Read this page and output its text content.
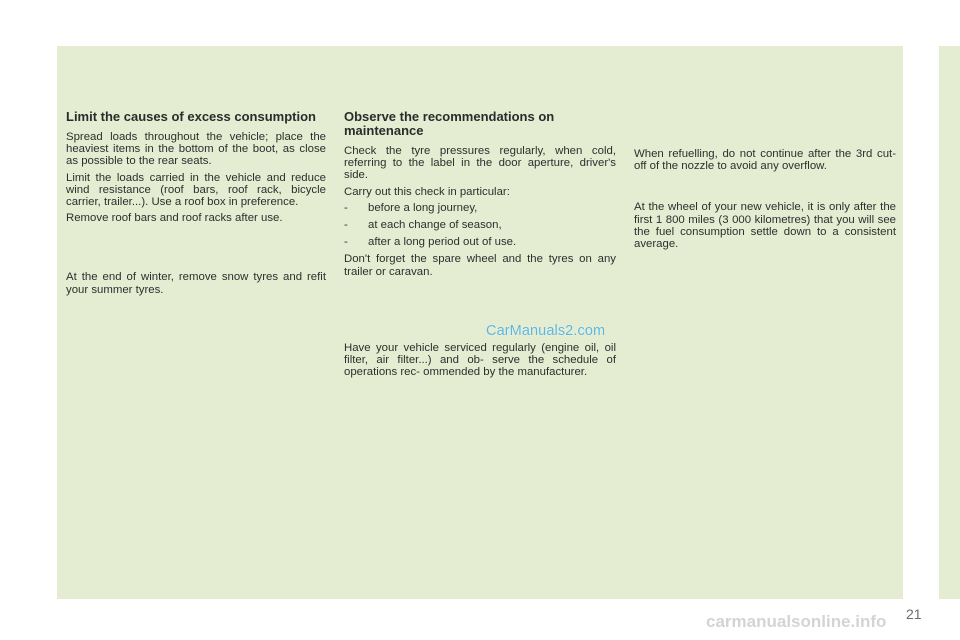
Limit the causes of excess consumption

Spread loads throughout the vehicle; place the heaviest items in the bottom of the boot, as close as possible to the rear seats.

Limit the loads carried in the vehicle and reduce wind resistance (roof bars, roof rack, bicycle carrier, trailer...). Use a roof box in preference.

Remove roof bars and roof racks after use.

At the end of winter, remove snow tyres and refit your summer tyres.

Observe the recommendations on maintenance

Check the tyre pressures regularly, when cold, referring to the label in the door aperture, driver's side.

Carry out this check in particular:

- before a long journey,
- at each change of season,
- after a long period out of use.

Don't forget the spare wheel and the tyres on any trailer or caravan.

Have your vehicle serviced regularly (engine oil, oil filter, air filter...) and ob- serve the schedule of operations rec- ommended by the manufacturer.

When refuelling, do not continue after the 3rd cut-off of the nozzle to avoid any overflow.

At the wheel of your new vehicle, it is only after the first 1 800 miles (3 000 kilometres) that you will see the fuel consumption settle down to a consistent average.

CarManuals2.com
carmanualsonline.info 21
